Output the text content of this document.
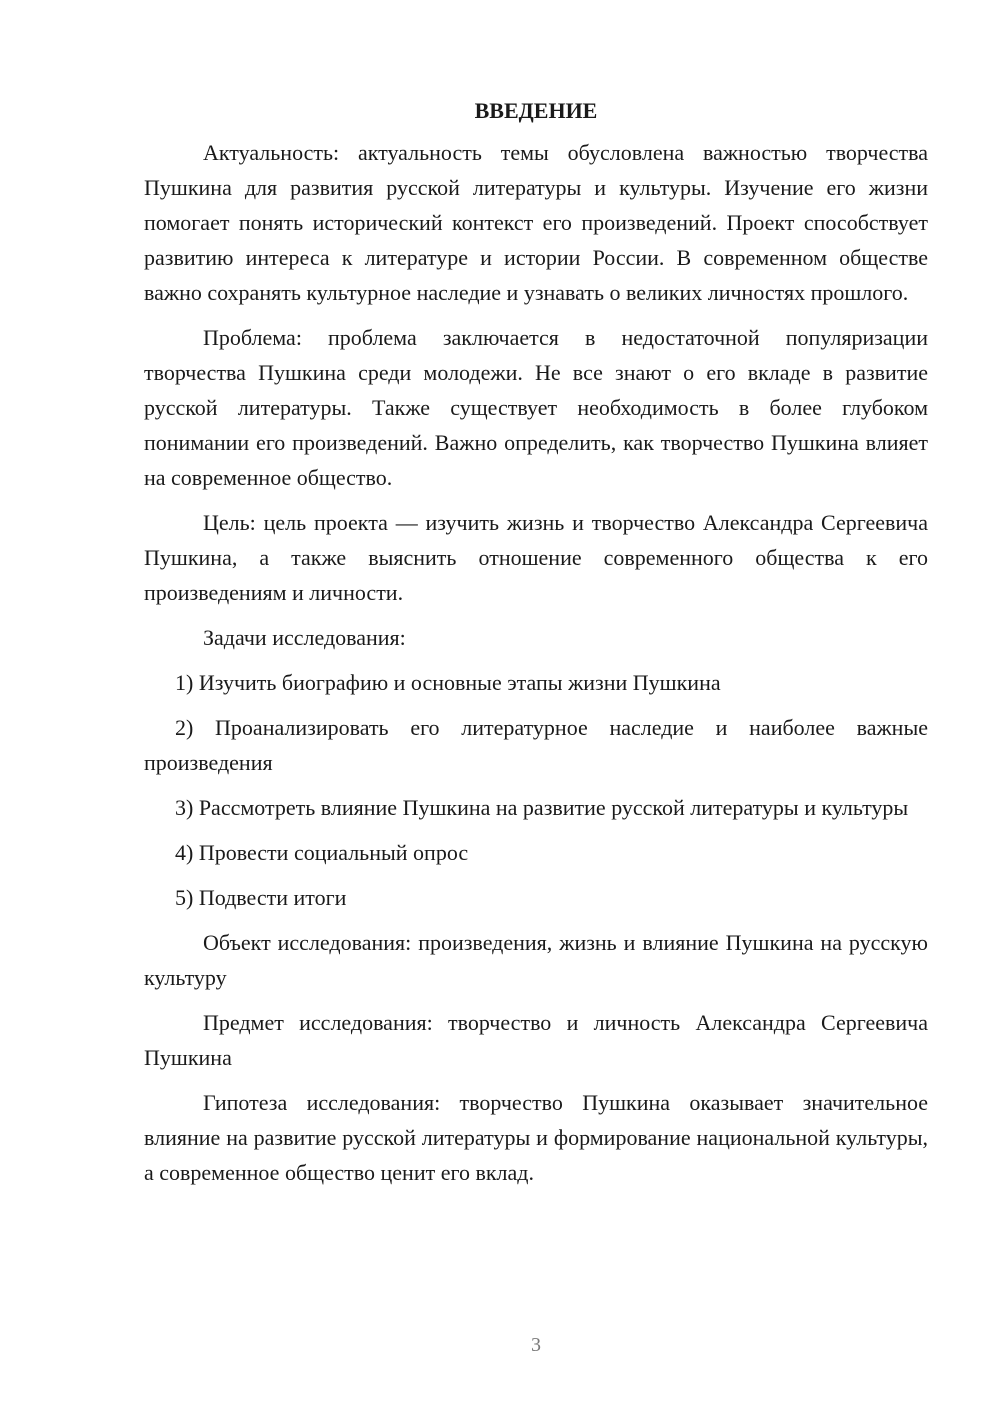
ВВЕДЕНИЕ

Актуальность: актуальность темы обусловлена важностью творчества Пушкина для развития русской литературы и культуры. Изучение его жизни помогает понять исторический контекст его произведений. Проект способствует развитию интереса к литературе и истории России. В современном обществе важно сохранять культурное наследие и узнавать о великих личностях прошлого.

Проблема: проблема заключается в недостаточной популяризации творчества Пушкина среди молодежи. Не все знают о его вкладе в развитие русской литературы. Также существует необходимость в более глубоком понимании его произведений. Важно определить, как творчество Пушкина влияет на современное общество.

Цель: цель проекта — изучить жизнь и творчество Александра Сергеевича Пушкина, а также выяснить отношение современного общества к его произведениям и личности.

Задачи исследования:

1) Изучить биографию и основные этапы жизни Пушкина

2) Проанализировать его литературное наследие и наиболее важные произведения

3) Рассмотреть влияние Пушкина на развитие русской литературы и культуры

4) Провести социальный опрос

5) Подвести итоги

Объект исследования: произведения, жизнь и влияние Пушкина на русскую культуру

Предмет исследования: творчество и личность Александра Сергеевича Пушкина

Гипотеза исследования: творчество Пушкина оказывает значительное влияние на развитие русской литературы и формирование национальной культуры, а современное общество ценит его вклад.

3
